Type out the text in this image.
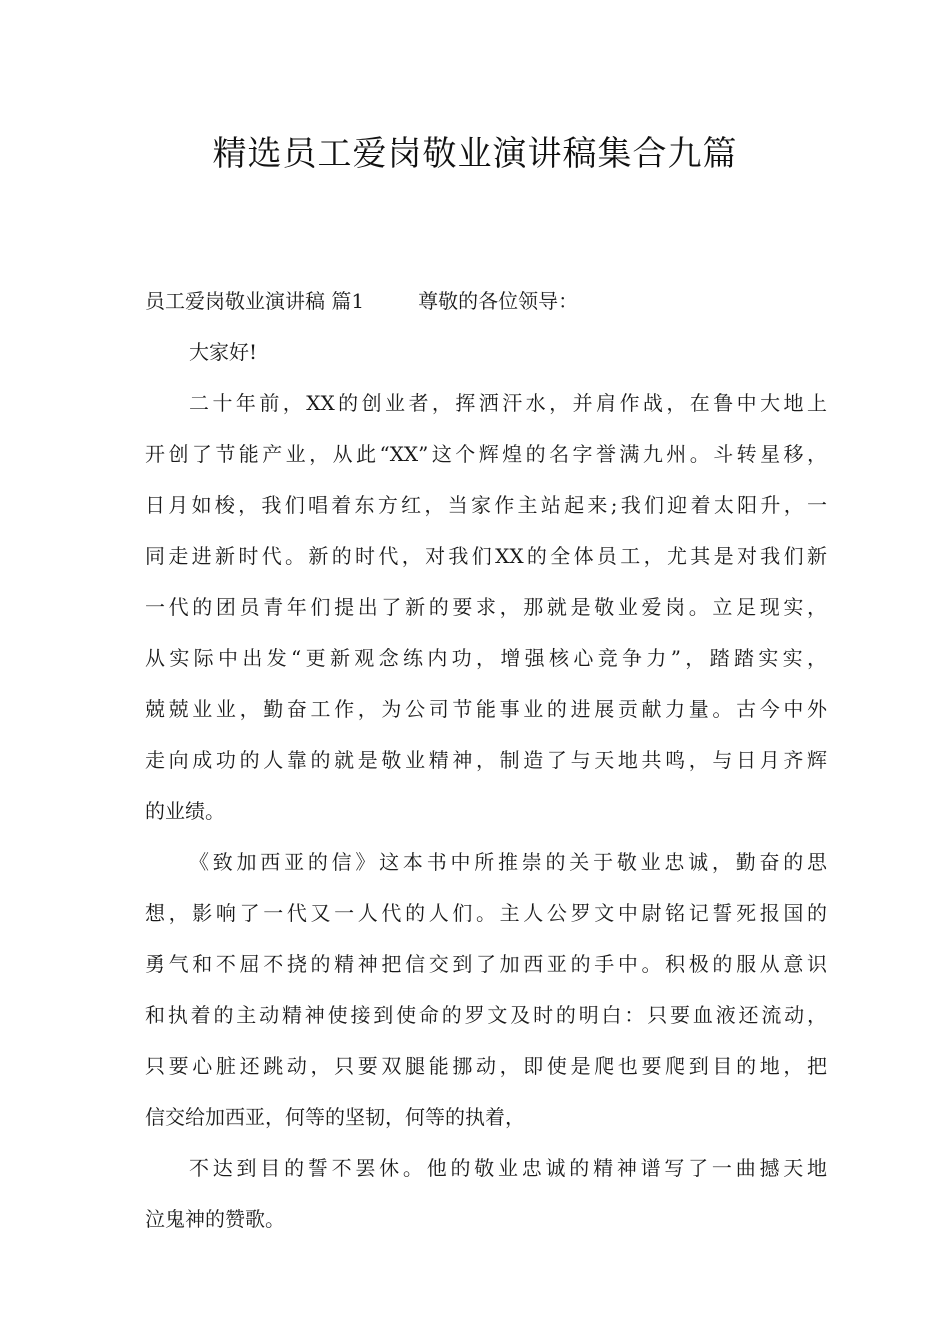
精选员工爱岗敬业演讲稿集合九篇
员工爱岗敬业演讲稿 篇1	尊敬的各位领导：
大家好!
二十年前，XX的创业者，挥洒汗水，并肩作战，在鲁中大地上
开创了节能产业，从此“XX”这个辉煌的名字誉满九州。斗转星移，
日月如梭，我们唱着东方红，当家作主站起来;我们迎着太阳升，一
同走进新时代。新的时代，对我们XX的全体员工，尤其是对我们新
一代的团员青年们提出了新的要求，那就是敬业爱岗。立足现实，
从实际中出发“更新观念练内功，增强核心竞争力”，踏踏实实，
兢兢业业，勤奋工作，为公司节能事业的进展贡献力量。古今中外
走向成功的人靠的就是敬业精神，制造了与天地共鸣，与日月齐辉
的业绩。
《致加西亚的信》这本书中所推崇的关于敬业忠诚，勤奋的思
想，影响了一代又一人代的人们。主人公罗文中尉铭记誓死报国的
勇气和不屈不挠的精神把信交到了加西亚的手中。积极的服从意识
和执着的主动精神使接到使命的罗文及时的明白：只要血液还流动，
只要心脏还跳动，只要双腿能挪动，即使是爬也要爬到目的地，把
信交给加西亚，何等的坚韧，何等的执着，
不达到目的誓不罢休。他的敬业忠诚的精神谱写了一曲撼天地
泣鬼神的赞歌。
